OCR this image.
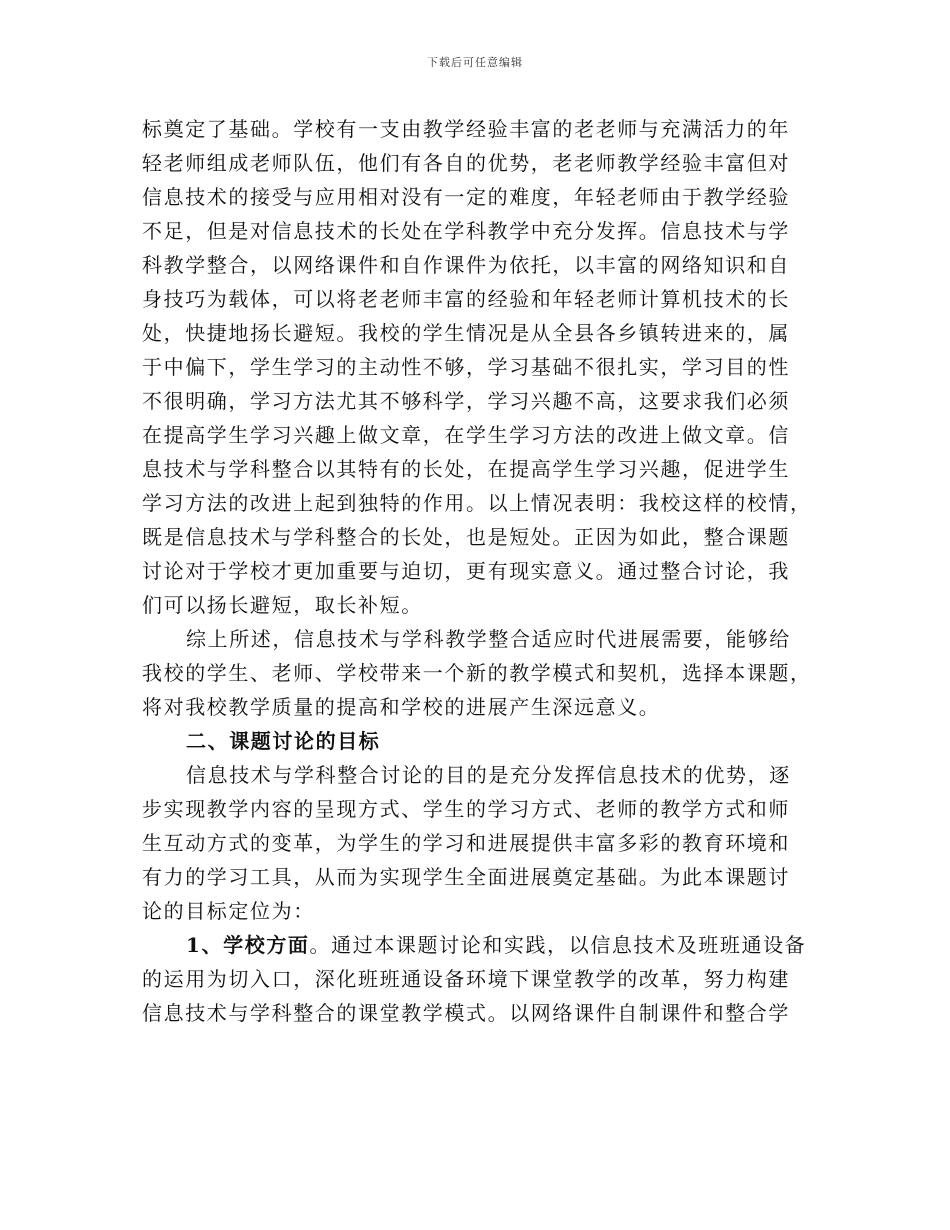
下载后可任意编辑
标奠定了基础。学校有一支由教学经验丰富的老老师与充满活力的年
轻老师组成老师队伍，他们有各自的优势，老老师教学经验丰富但对
信息技术的接受与应用相对没有一定的难度，年轻老师由于教学经验
不足，但是对信息技术的长处在学科教学中充分发挥。信息技术与学
科教学整合，以网络课件和自作课件为依托，以丰富的网络知识和自
身技巧为载体，可以将老老师丰富的经验和年轻老师计算机技术的长
处，快捷地扬长避短。我校的学生情况是从全县各乡镇转进来的，属
于中偏下，学生学习的主动性不够，学习基础不很扎实，学习目的性
不很明确，学习方法尤其不够科学，学习兴趣不高，这要求我们必须
在提高学生学习兴趣上做文章，在学生学习方法的改进上做文章。信
息技术与学科整合以其特有的长处，在提高学生学习兴趣，促进学生
学习方法的改进上起到独特的作用。以上情况表明：我校这样的校情，
既是信息技术与学科整合的长处，也是短处。正因为如此，整合课题
讨论对于学校才更加重要与迫切，更有现实意义。通过整合讨论，我
们可以扬长避短，取长补短。
综上所述，信息技术与学科教学整合适应时代进展需要，能够给
我校的学生、老师、学校带来一个新的教学模式和契机，选择本课题，
将对我校教学质量的提高和学校的进展产生深远意义。
二、课题讨论的目标
信息技术与学科整合讨论的目的是充分发挥信息技术的优势，逐
步实现教学内容的呈现方式、学生的学习方式、老师的教学方式和师
生互动方式的变革，为学生的学习和进展提供丰富多彩的教育环境和
有力的学习工具，从而为实现学生全面进展奠定基础。为此本课题讨
论的目标定位为：
1、学校方面。通过本课题讨论和实践，以信息技术及班班通设备
的运用为切入口，深化班班通设备环境下课堂教学的改革，努力构建
信息技术与学科整合的课堂教学模式。以网络课件自制课件和整合学
